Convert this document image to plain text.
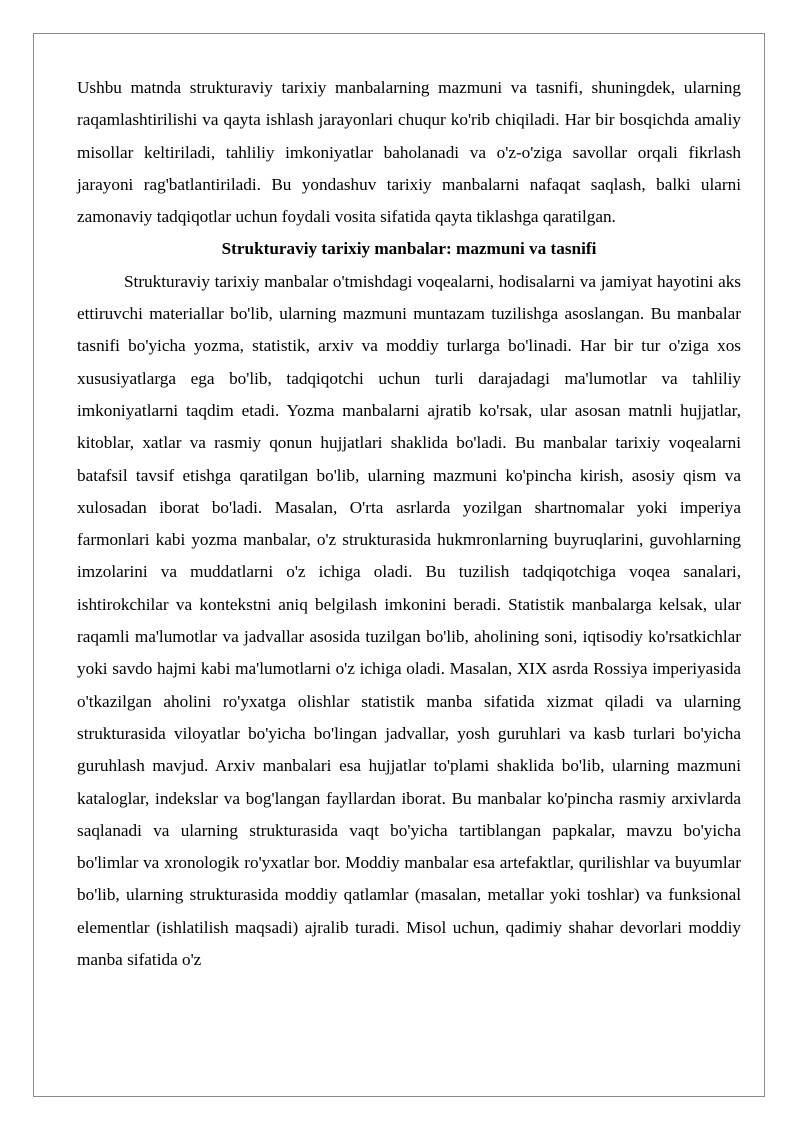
Ushbu matnda strukturaviy tarixiy manbalarning mazmuni va tasnifi, shuningdek, ularning raqamlashtirilishi va qayta ishlash jarayonlari chuqur ko'rib chiqiladi. Har bir bosqichda amaliy misollar keltiriladi, tahliliy imkoniyatlar baholanadi va o'z-o'ziga savollar orqali fikrlash jarayoni rag'batlantiriladi. Bu yondashuv tarixiy manbalarni nafaqat saqlash, balki ularni zamonaviy tadqiqotlar uchun foydali vosita sifatida qayta tiklashga qaratilgan.

Strukturaviy tarixiy manbalar: mazmuni va tasnifi

Strukturaviy tarixiy manbalar o'tmishdagi voqealarni, hodisalarni va jamiyat hayotini aks ettiruvchi materiallar bo'lib, ularning mazmuni muntazam tuzilishga asoslangan. Bu manbalar tasnifi bo'yicha yozma, statistik, arxiv va moddiy turlarga bo'linadi. Har bir tur o'ziga xos xususiyatlarga ega bo'lib, tadqiqotchi uchun turli darajadagi ma'lumotlar va tahliliy imkoniyatlarni taqdim etadi. Yozma manbalarni ajratib ko'rsak, ular asosan matnli hujjatlar, kitoblar, xatlar va rasmiy qonun hujjatlari shaklida bo'ladi. Bu manbalar tarixiy voqealarni batafsil tavsif etishga qaratilgan bo'lib, ularning mazmuni ko'pincha kirish, asosiy qism va xulosadan iborat bo'ladi. Masalan, O'rta asrlarda yozilgan shartnomalar yoki imperiya farmonlari kabi yozma manbalar, o'z strukturasida hukmronlarning buyruqlarini, guvohlarning imzolarini va muddatlarni o'z ichiga oladi. Bu tuzilish tadqiqotchiga voqea sanalari, ishtirokchilar va kontekstni aniq belgilash imkonini beradi. Statistik manbalarga kelsak, ular raqamli ma'lumotlar va jadvallar asosida tuzilgan bo'lib, aholining soni, iqtisodiy ko'rsatkichlar yoki savdo hajmi kabi ma'lumotlarni o'z ichiga oladi. Masalan, XIX asrda Rossiya imperiyasida o'tkazilgan aholini ro'yxatga olishlar statistik manba sifatida xizmat qiladi va ularning strukturasida viloyatlar bo'yicha bo'lingan jadvallar, yosh guruhlari va kasb turlari bo'yicha guruhlash mavjud. Arxiv manbalari esa hujjatlar to'plami shaklida bo'lib, ularning mazmuni kataloglar, indekslar va bog'langan fayllardan iborat. Bu manbalar ko'pincha rasmiy arxivlarda saqlanadi va ularning strukturasida vaqt bo'yicha tartiblangan papkalar, mavzu bo'yicha bo'limlar va xronologik ro'yxatlar bor. Moddiy manbalar esa artefaktlar, qurilishlar va buyumlar bo'lib, ularning strukturasida moddiy qatlamlar (masalan, metallar yoki toshlar) va funksional elementlar (ishlatilish maqsadi) ajralib turadi. Misol uchun, qadimiy shahar devorlari moddiy manba sifatida o'z
